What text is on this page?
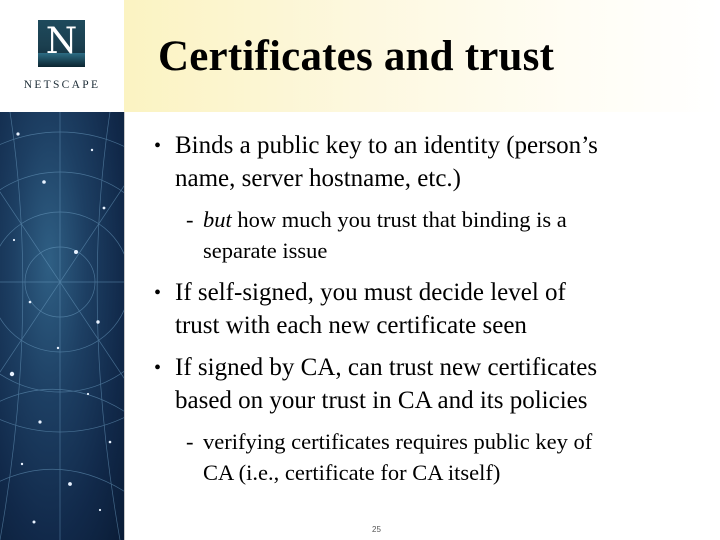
N
NETSCAPE
Certificates and trust
• Binds a public key to an identity (person’s
name, server hostname, etc.)
- but how much you trust that binding is a
separate issue
• If self-signed, you must decide level of
trust with each new certificate seen
• If signed by CA, can trust new certificates
based on your trust in CA and its policies
- verifying certificates requires public key of
CA (i.e., certificate for CA itself)
25
